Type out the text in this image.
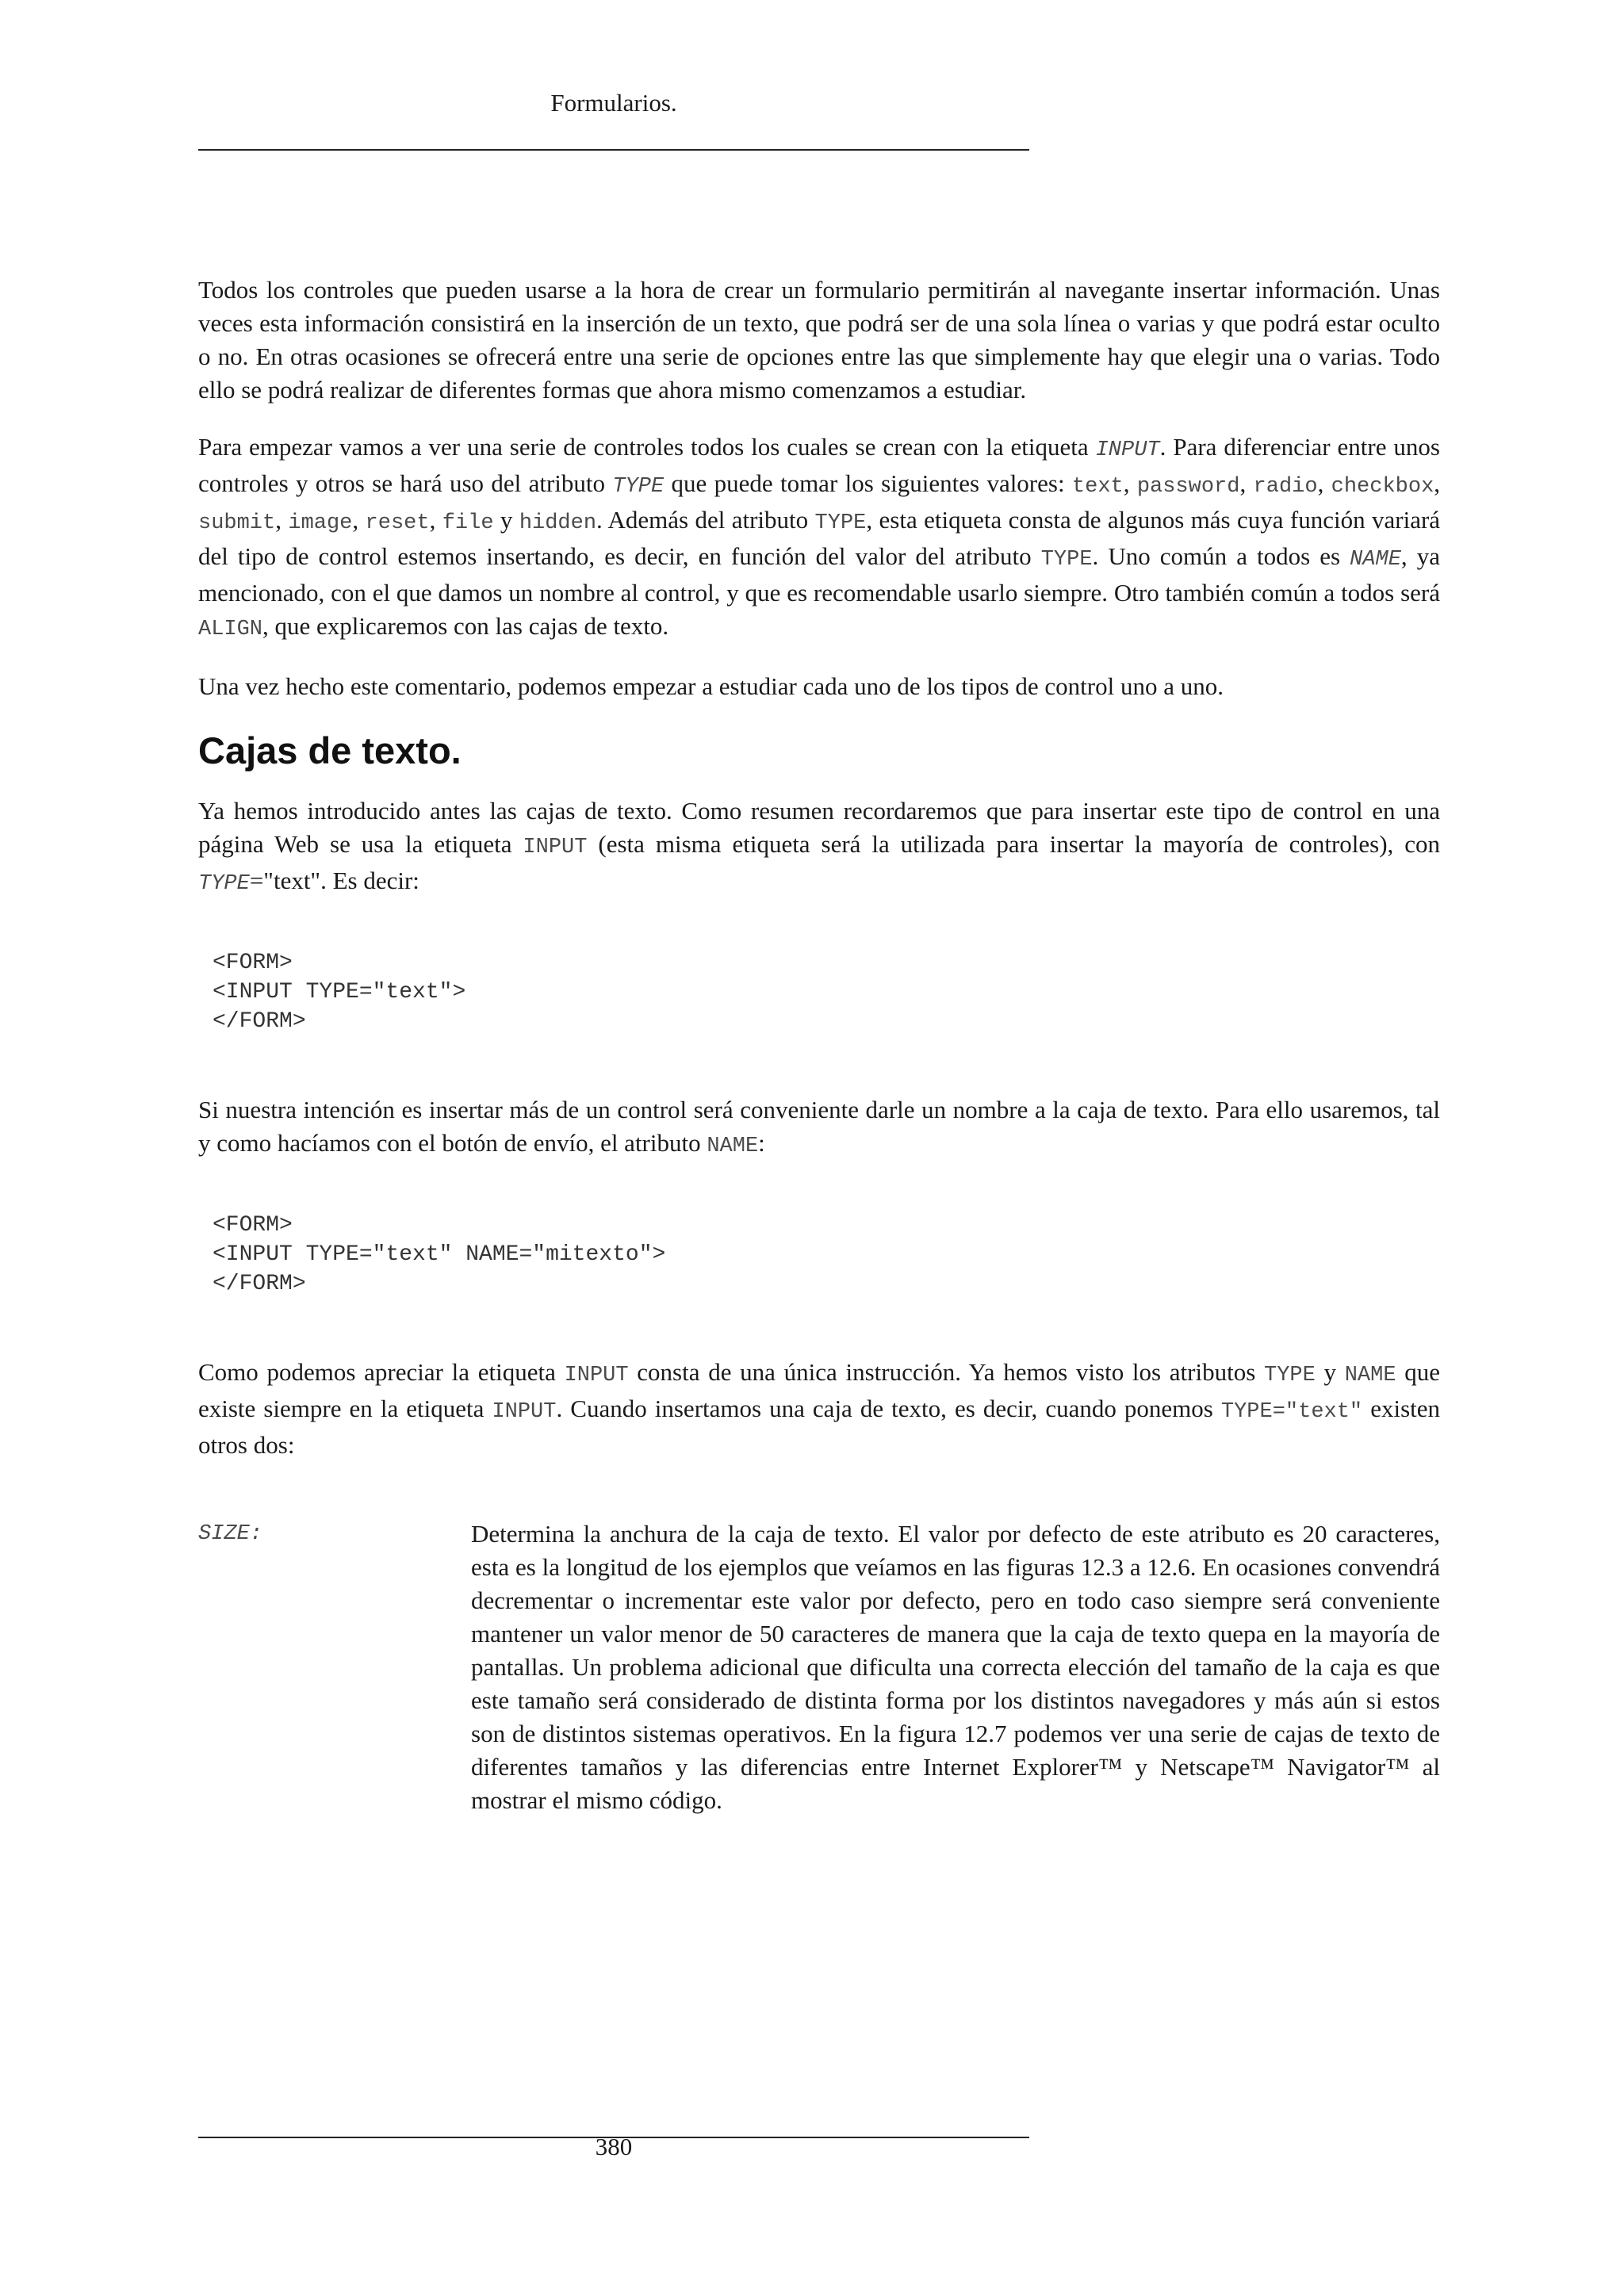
Formularios.

Todos los controles que pueden usarse a la hora de crear un formulario permitirán al navegante insertar información. Unas veces esta información consistirá en la inserción de un texto, que podrá ser de una sola línea o varias y que podrá estar oculto o no. En otras ocasiones se ofrecerá entre una serie de opciones entre las que simplemente hay que elegir una o varias. Todo ello se podrá realizar de diferentes formas que ahora mismo comenzamos a estudiar.

Para empezar vamos a ver una serie de controles todos los cuales se crean con la etiqueta INPUT. Para diferenciar entre unos controles y otros se hará uso del atributo TYPE que puede tomar los siguientes valores: text, password, radio, checkbox, submit, image, reset, file y hidden. Además del atributo TYPE, esta etiqueta consta de algunos más cuya función variará del tipo de control estemos insertando, es decir, en función del valor del atributo TYPE. Uno común a todos es NAME, ya mencionado, con el que damos un nombre al control, y que es recomendable usarlo siempre. Otro también común a todos será ALIGN, que explicaremos con las cajas de texto.

Una vez hecho este comentario, podemos empezar a estudiar cada uno de los tipos de control uno a uno.

Cajas de texto.

Ya hemos introducido antes las cajas de texto. Como resumen recordaremos que para insertar este tipo de control en una página Web se usa la etiqueta INPUT (esta misma etiqueta será la utilizada para insertar la mayoría de controles), con TYPE="text". Es decir:

<FORM>
<INPUT TYPE="text">
</FORM>

Si nuestra intención es insertar más de un control será conveniente darle un nombre a la caja de texto. Para ello usaremos, tal y como hacíamos con el botón de envío, el atributo NAME:

<FORM>
<INPUT TYPE="text" NAME="mitexto">
</FORM>

Como podemos apreciar la etiqueta INPUT consta de una única instrucción. Ya hemos visto los atributos TYPE y NAME que existe siempre en la etiqueta INPUT. Cuando insertamos una caja de texto, es decir, cuando ponemos TYPE="text" existen otros dos:

SIZE:	Determina la anchura de la caja de texto. El valor por defecto de este atributo es 20 caracteres, esta es la longitud de los ejemplos que veíamos en las figuras 12.3 a 12.6. En ocasiones convendrá decrementar o incrementar este valor por defecto, pero en todo caso siempre será conveniente mantener un valor menor de 50 caracteres de manera que la caja de texto quepa en la mayoría de pantallas. Un problema adicional que dificulta una correcta elección del tamaño de la caja es que este tamaño será considerado de distinta forma por los distintos navegadores y más aún si estos son de distintos sistemas operativos. En la figura 12.7 podemos ver una serie de cajas de texto de diferentes tamaños y las diferencias entre Internet Explorer™ y Netscape™ Navigator™ al mostrar el mismo código.
380
